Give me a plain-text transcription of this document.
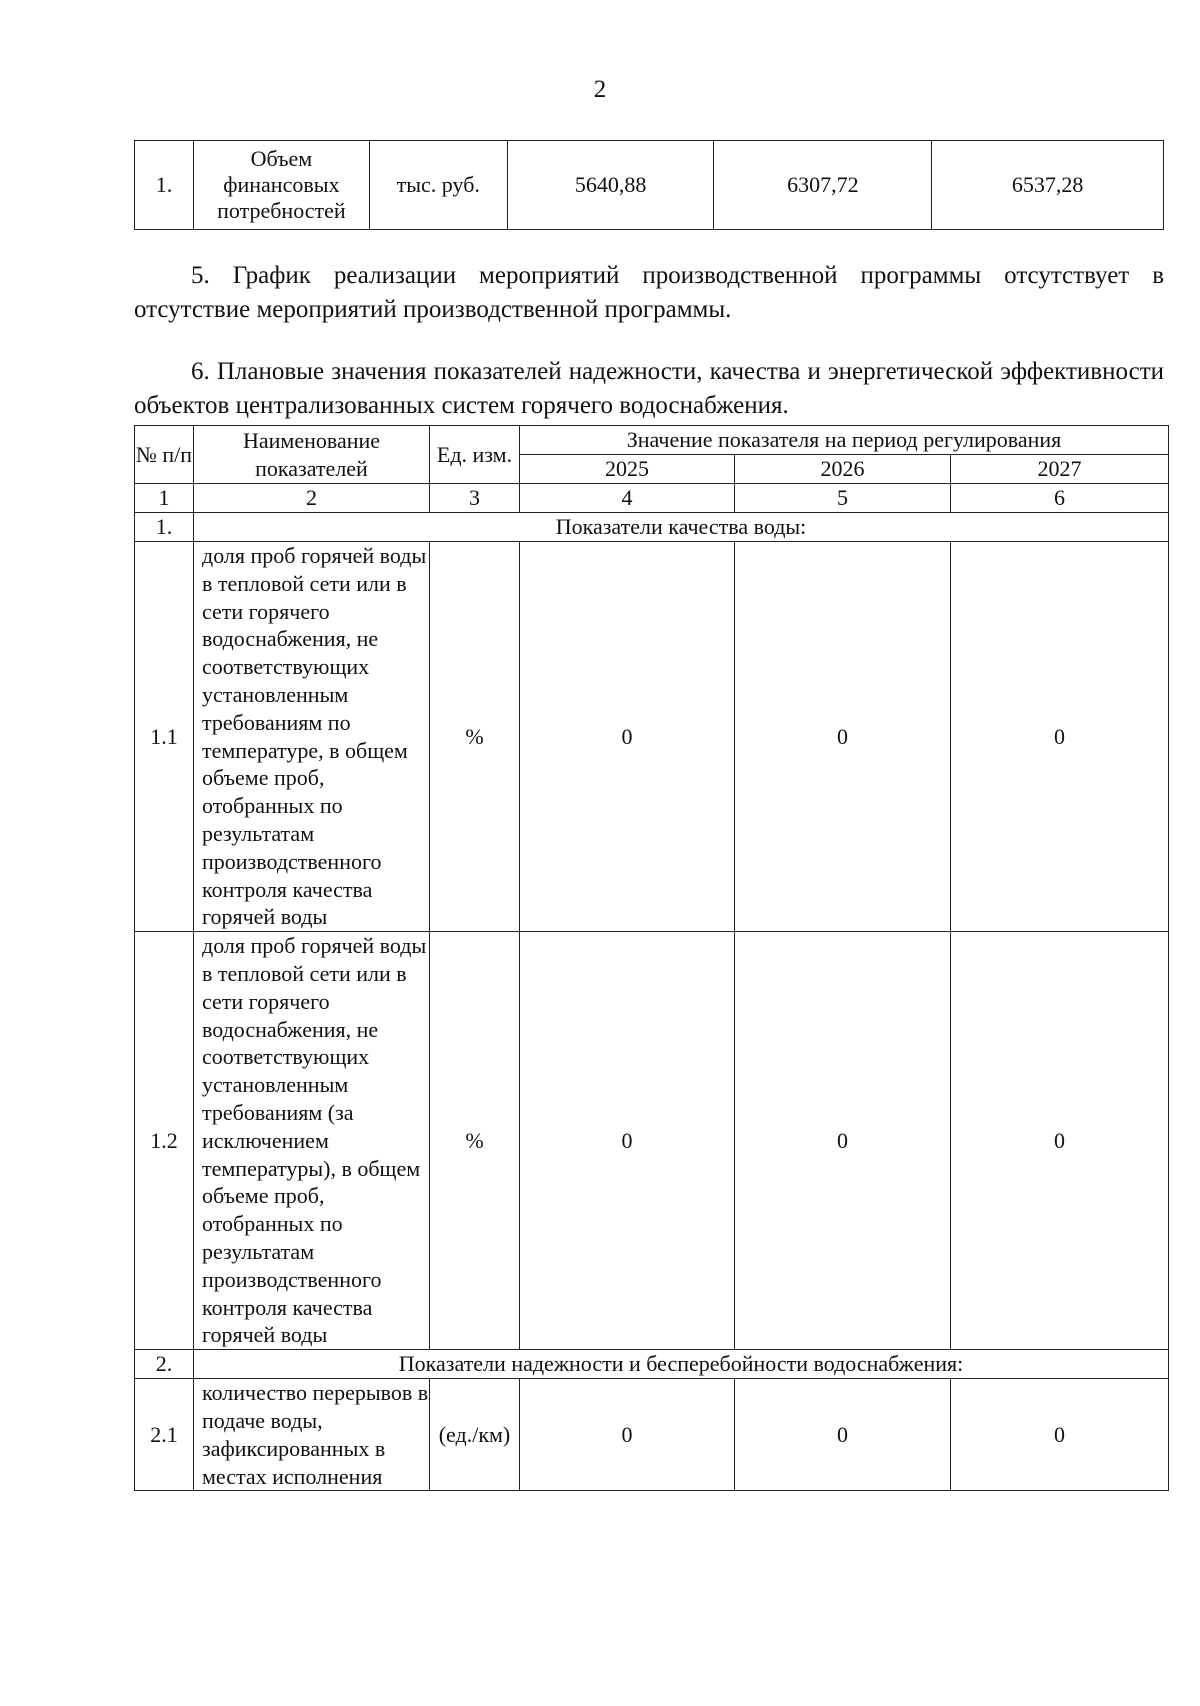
2
1.	Объем финансовых потребностей	тыс. руб.	5640,88	6307,72	6537,28

5. График реализации мероприятий производственной программы отсутствует в отсутствие мероприятий производственной программы.

6. Плановые значения показателей надежности, качества и энергетической эффективности объектов централизованных систем горячего водоснабжения.

№ п/п	Наименование показателей	Ед. изм.	Значение показателя на период регулирования		
			2025	2026	2027
1	2	3	4	5	6
1.	Показатели качества воды:				
1.1	доля проб горячей воды в тепловой сети или в сети горячего водоснабжения, не соответствующих установленным требованиям по температуре, в общем объеме проб, отобранных по результатам производственного контроля качества горячей воды	%	0	0	0
1.2	доля проб горячей воды в тепловой сети или в сети горячего водоснабжения, не соответствующих установленным требованиям (за исключением температуры), в общем объеме проб, отобранных по результатам производственного контроля качества горячей воды	%	0	0	0
2.	Показатели надежности и бесперебойности водоснабжения:				
2.1	количество перерывов в подаче воды, зафиксированных в местах исполнения	(ед./км)	0	0	0
